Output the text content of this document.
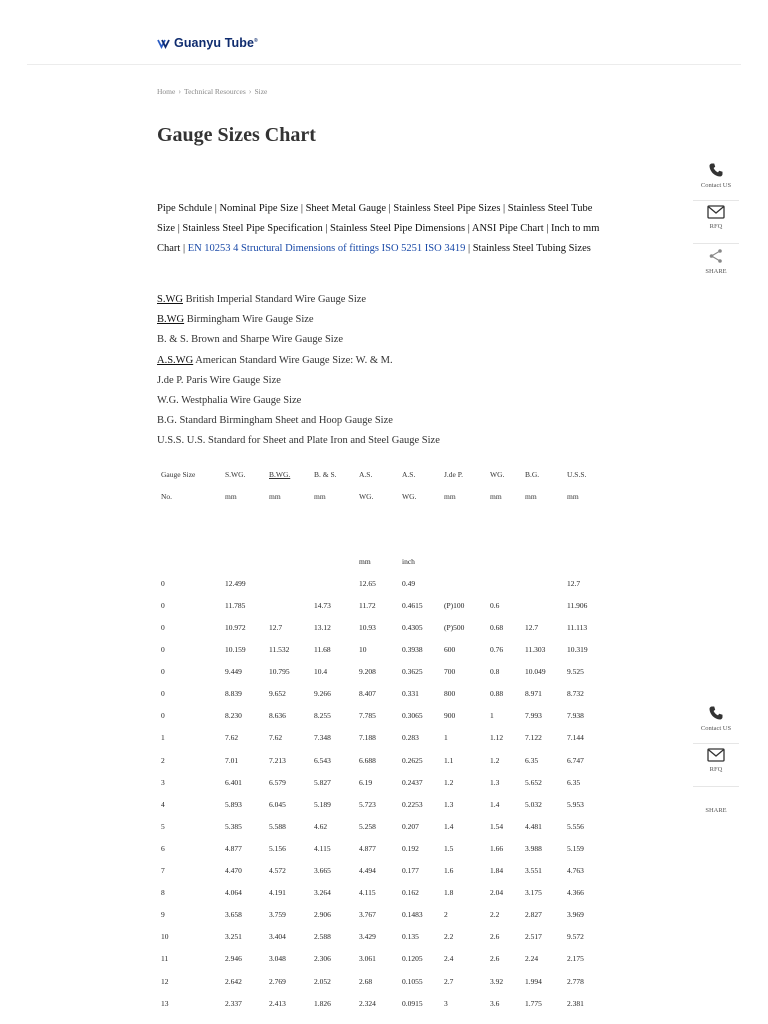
Guanyu Tube®
Home › Technical Resources › Size
Gauge Sizes Chart

Pipe Schdule | Nominal Pipe Size | Sheet Metal Gauge | Stainless Steel Pipe Sizes | Stainless Steel Tube Size | Stainless Steel Pipe Specification | Stainless Steel Pipe Dimensions | ANSI Pipe Chart | Inch to mm Chart | EN 10253 4 Structural Dimensions of fittings ISO 5251 ISO 3419 | Stainless Steel Tubing Sizes

S.WG British Imperial Standard Wire Gauge Size
B.WG Birmingham Wire Gauge Size
B. & S. Brown and Sharpe Wire Gauge Size
A.S.WG American Standard Wire Gauge Size: W. & M.
J.de P. Paris Wire Gauge Size
W.G. Westphalia Wire Gauge Size
B.G. Standard Birmingham Sheet and Hoop Gauge Size
U.S.S. U.S. Standard for Sheet and Plate Iron and Steel Gauge Size
Gauge Size	S.WG.	B.WG.	B. & S.	A.S.	A.S.	J.de P.	WG.	B.G.	U.S.S.
No.	mm	mm	mm	WG.	WG.	mm	mm	mm	mm

				mm	inch				
0	12.499			12.65	0.49				12.7
0	11.785		14.73	11.72	0.4615	(P)100	0.6		11.906
0	10.972	12.7	13.12	10.93	0.4305	(P)500	0.68	12.7	11.113
0	10.159	11.532	11.68	10	0.3938	600	0.76	11.303	10.319
0	9.449	10.795	10.4	9.208	0.3625	700	0.8	10.049	9.525
0	8.839	9.652	9.266	8.407	0.331	800	0.88	8.971	8.732
0	8.230	8.636	8.255	7.785	0.3065	900	1	7.993	7.938
1	7.62	7.62	7.348	7.188	0.283	1	1.12	7.122	7.144
2	7.01	7.213	6.543	6.688	0.2625	1.1	1.2	6.35	6.747
3	6.401	6.579	5.827	6.19	0.2437	1.2	1.3	5.652	6.35
4	5.893	6.045	5.189	5.723	0.2253	1.3	1.4	5.032	5.953
5	5.385	5.588	4.62	5.258	0.207	1.4	1.54	4.481	5.556
6	4.877	5.156	4.115	4.877	0.192	1.5	1.66	3.988	5.159
7	4.470	4.572	3.665	4.494	0.177	1.6	1.84	3.551	4.763
8	4.064	4.191	3.264	4.115	0.162	1.8	2.04	3.175	4.366
9	3.658	3.759	2.906	3.767	0.1483	2	2.2	2.827	3.969
10	3.251	3.404	2.588	3.429	0.135	2.2	2.6	2.517	9.572
11	2.946	3.048	2.306	3.061	0.1205	2.4	2.6	2.24	2.175
12	2.642	2.769	2.052	2.68	0.1055	2.7	3.92	1.994	2.778
13	2.337	2.413	1.826	2.324	0.0915	3	3.6	1.775	2.381
Contact US
RFQ
SHARE
Contact US
RFQ
SHARE
